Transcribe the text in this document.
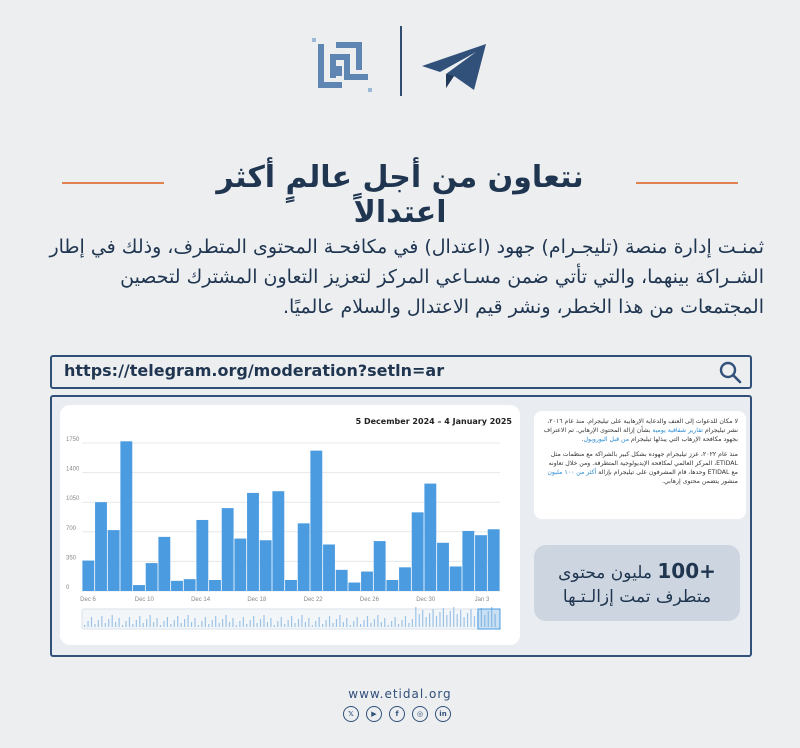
نتعاون من أجل عالمٍ أكثر اعتدالاً
ثمنـت إدارة منصة (تليجـرام) جهود (اعتدال) في مكافحـة المحتوى المتطرف، وذلك في إطار الشـراكة بينهما، والتي تأتي ضمن مسـاعي المركز لتعزيز التعاون المشترك لتحصين المجتمعات من هذا الخطر، ونشر قيم الاعتدال والسلام عالميًا.
https://telegram.org/moderation?setln=ar
5 December 2024 – 4 January 2025
1750
1400
1050
700
350
0
Dec 6	Dec 10	Dec 14	Dec 18	Dec 22	Dec 26	Dec 30	Jan 3

لا مكان للدعوات إلى العنف والدعاية الإرهابية على تيليجرام. منذ عام ٢٠١٦، نشر تيليجرام تقارير شفافية يومية بشأن إزالة المحتوى الإرهابي. تم الاعتراف بجهود مكافحة الإرهاب التي يبذلها تيليجرام من قبل اليوروبول.

منذ عام ٢٠٢٢، عزز تيليجرام جهوده بشكل كبير بالشراكة مع منظمات مثل ETIDAL، المركز العالمي لمكافحة الإيديولوجية المتطرفة. ومن خلال تعاونه مع ETIDAL وحدها، قام المشرفون على تيليجرام بإزالة أكثر من ١٠٠ مليون منشور يتضمن محتوى إرهابي.

100+ مليون محتوى
متطرف تمت إزالـتـها
www.etidal.org
𝕏	▶	f	◎	in
